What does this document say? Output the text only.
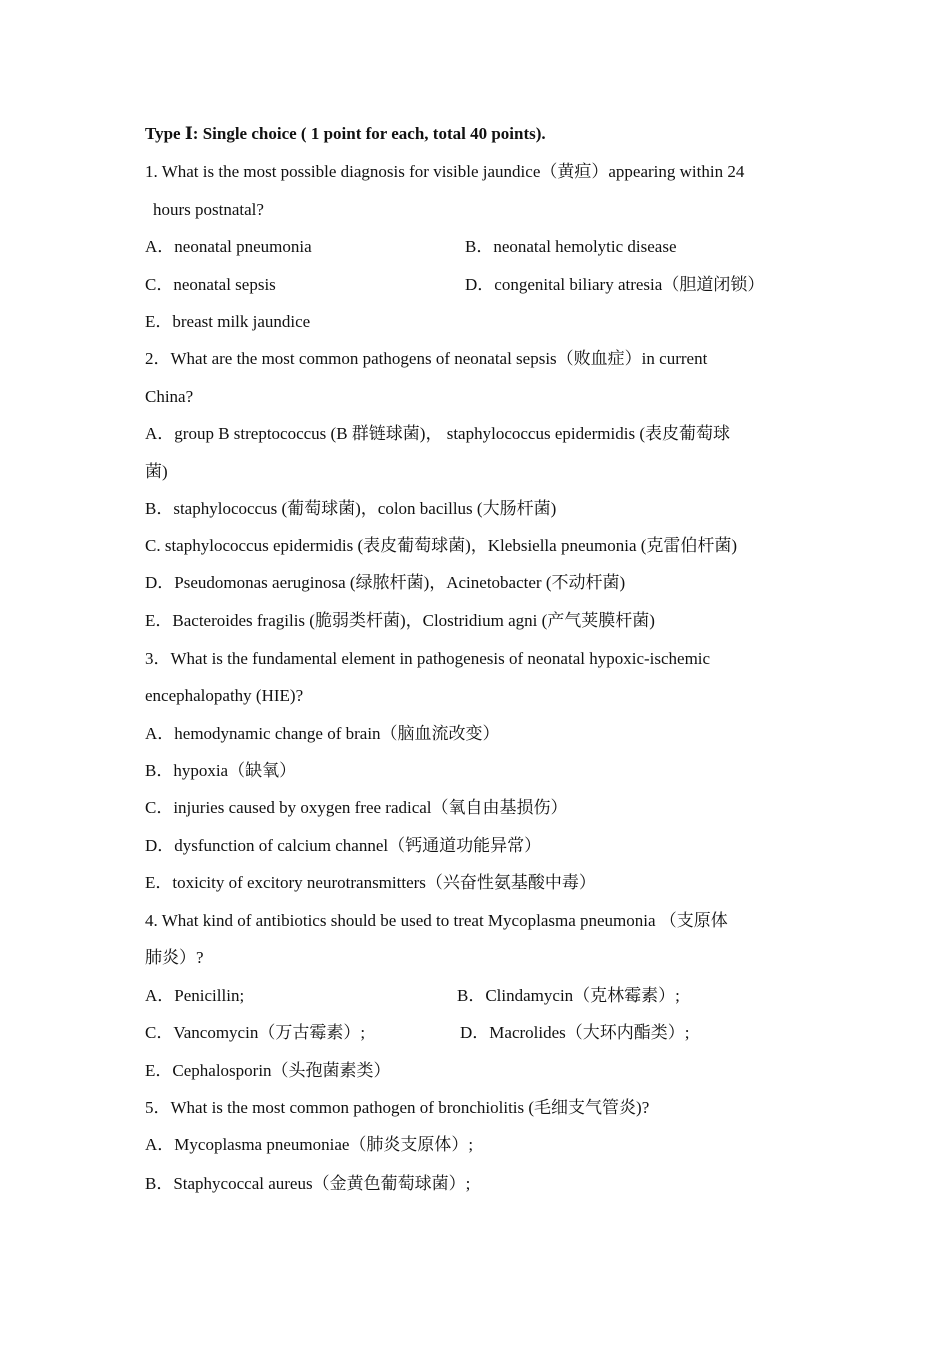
Type Ⅰ: Single choice ( 1 point for each, total 40 points).
1. What is the most possible diagnosis for visible jaundice（黄疸）appearing within 24
hours postnatal?
A．neonatal pneumonia	B．neonatal hemolytic disease
C．neonatal sepsis	D．congenital biliary atresia（胆道闭锁）
E．breast milk jaundice
2．What are the most common pathogens of neonatal sepsis（败血症）in current
China?
A．group B streptococcus (B 群链球菌)， staphylococcus epidermidis (表皮葡萄球
菌)
B．staphylococcus (葡萄球菌)，colon bacillus (大肠杆菌)
C. staphylococcus epidermidis (表皮葡萄球菌)，Klebsiella pneumonia (克雷伯杆菌)
D．Pseudomonas aeruginosa (绿脓杆菌)，Acinetobacter (不动杆菌)
E．Bacteroides fragilis (脆弱类杆菌)，Clostridium agni (产气荚膜杆菌)
3．What is the fundamental element in pathogenesis of neonatal hypoxic-ischemic
encephalopathy (HIE)?
A．hemodynamic change of brain（脑血流改变）
B．hypoxia（缺氧）
C．injuries caused by oxygen free radical（氧自由基损伤）
D．dysfunction of calcium channel（钙通道功能异常）
E．toxicity of excitory neurotransmitters（兴奋性氨基酸中毒）
4. What kind of antibiotics should be used to treat Mycoplasma pneumonia （支原体
肺炎）?
A．Penicillin;	B．Clindamycin（克林霉素）;
C．Vancomycin（万古霉素）;	D．Macrolides（大环内酯类）;
E．Cephalosporin（头孢菌素类）
5．What is the most common pathogen of bronchiolitis (毛细支气管炎)?
A．Mycoplasma pneumoniae（肺炎支原体）;
B．Staphycoccal aureus（金黄色葡萄球菌）;
